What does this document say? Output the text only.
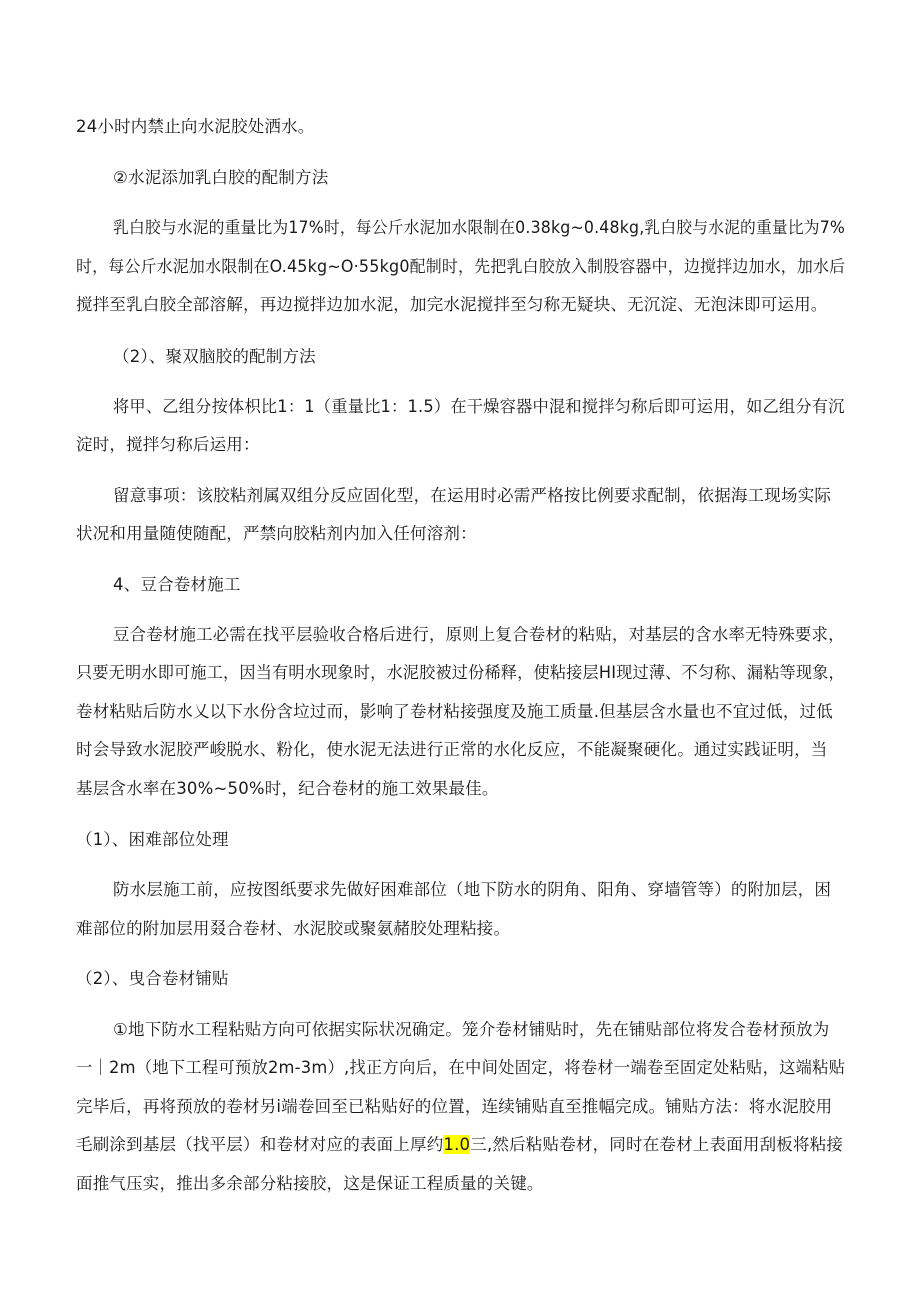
24小时内禁止向水泥胶处洒水。
②水泥添加乳白胶的配制方法
乳白胶与水泥的重量比为17%时，每公斤水泥加水限制在0.38kg~0.48kg,乳白胶与水泥的重量比为7%
时，每公斤水泥加水限制在O.45kg~O·55kg0配制时，先把乳白胶放入制股容器中，边搅拌边加水，加水后
搅拌至乳白胶全部溶解，再边搅拌边加水泥，加完水泥搅拌至匀称无疑块、无沉淀、无泡沫即可运用。
（2）、聚双脑胶的配制方法
将甲、乙组分按体枳比1：1（重量比1：1.5）在干燥容器中混和搅拌匀称后即可运用，如乙组分有沉
淀时，搅拌匀称后运用：
留意事项：该胶粘剂属双组分反应固化型，在运用时必需严格按比例要求配制，依据海工现场实际
状况和用量随使随配，严禁向胶粘剂内加入任何溶剂：
4、豆合卷材施工
豆合卷材施工必需在找平层验收合格后进行，原则上复合卷材的粘贴，对基层的含水率无特殊要求，
只要无明水即可施工，因当有明水现象时，水泥胶被过份稀释，使粘接层HI现过薄、不匀称、漏粘等现象，
卷材粘贴后防水乂以下水份含垃过而，影响了卷材粘接强度及施工质量.但基层含水量也不宜过低，过低
时会导致水泥胶严峻脱水、粉化，使水泥无法进行正常的水化反应，不能凝聚硬化。通过实践证明，当
基层含水率在30%~50%时，纪合卷材的施工效果最佳。
（1）、困难部位处理
防水层施工前，应按图纸要求先做好困难部位（地下防水的阴角、阳角、穿墙管等）的附加层，困
难部位的附加层用叕合卷材、水泥胶或聚氨赭胶处理粘接。
（2）、曳合卷材铺贴
①地下防水工程粘贴方向可依据实际状况确定。笼介卷材铺贴时，先在铺贴部位将发合卷材预放为
一｜2m（地下工程可预放2m-3m）,找正方向后，在中间处固定，将卷材一端卷至固定处粘贴，这端粘贴
完毕后，再将预放的卷材另i端卷回至已粘贴好的位置，连续铺贴直至推幅完成。铺贴方法：将水泥胶用
毛刷涂到基层（找平层）和卷材对应的表面上厚约1.0三,然后粘贴卷材，同时在卷材上表面用刮板将粘接
面推气压实，推出多余部分粘接胶，这是保证工程质量的关键。
